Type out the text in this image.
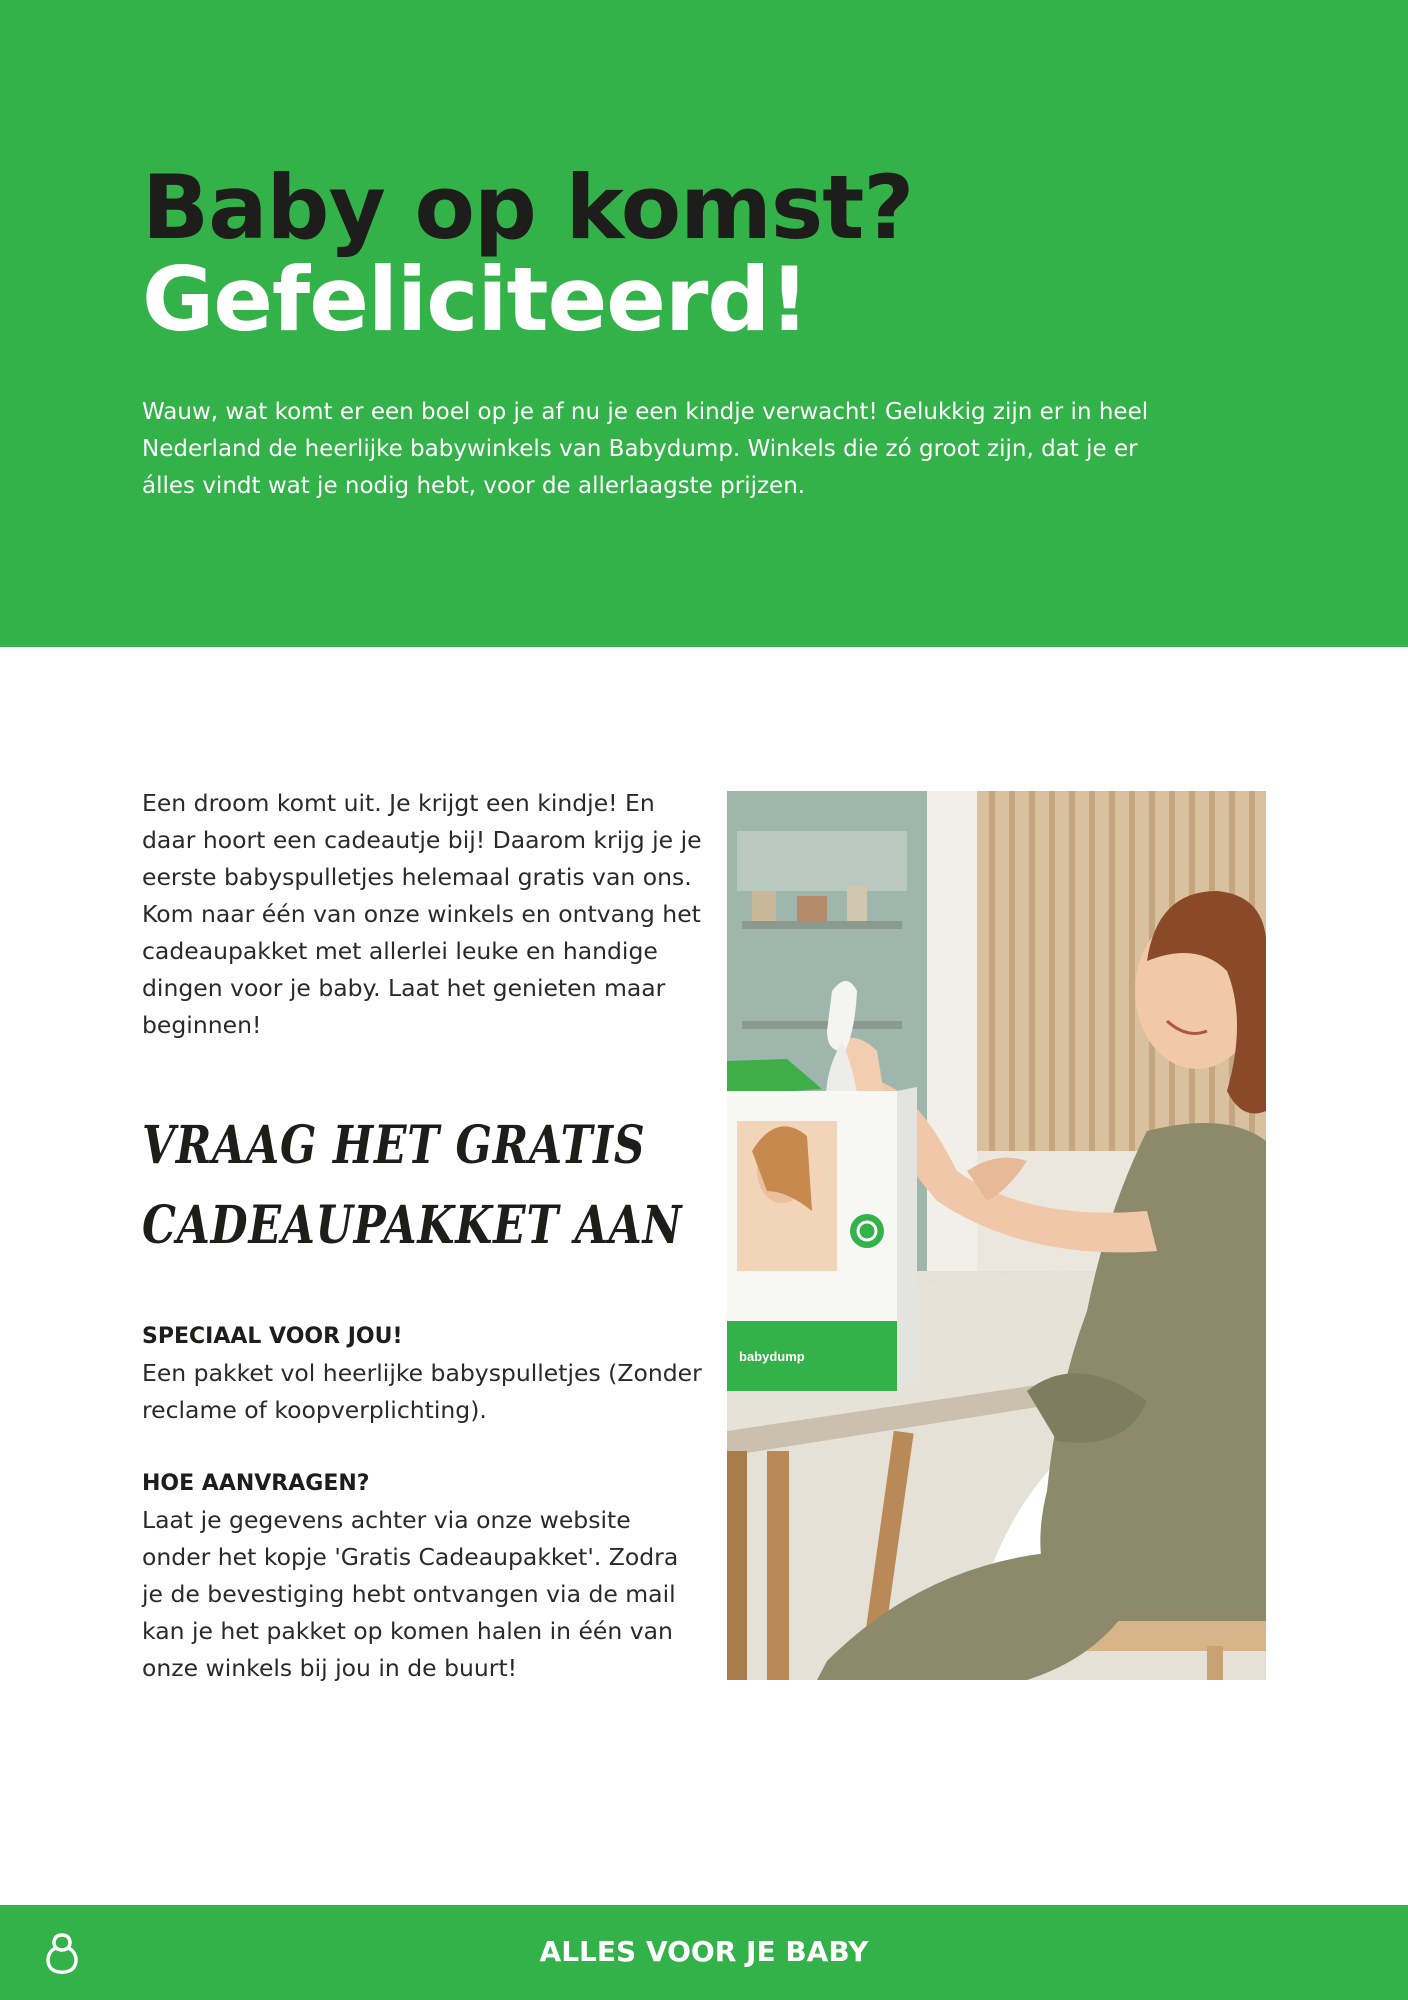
Baby op komst?
Gefeliciteerd!

Wauw, wat komt er een boel op je af nu je een kindje verwacht! Gelukkig zijn er in heel Nederland de heerlijke babywinkels van Babydump. Winkels die zó groot zijn, dat je er álles vindt wat je nodig hebt, voor de allerlaagste prijzen.

Een droom komt uit. Je krijgt een kindje! En daar hoort een cadeautje bij! Daarom krijg je je eerste babyspulletjes helemaal gratis van ons. Kom naar één van onze winkels en ontvang het cadeaupakket met allerlei leuke en handige dingen voor je baby. Laat het genieten maar beginnen!

VRAAG HET GRATIS
CADEAUPAKKET AAN
SPECIAAL VOOR JOU!

Een pakket vol heerlijke babyspulletjes (Zonder reclame of koopverplichting).

HOE AANVRAGEN?

Laat je gegevens achter via onze website onder het kopje 'Gratis Cadeaupakket'. Zodra je de bevestiging hebt ontvangen via de mail kan je het pakket op komen halen in één van onze winkels bij jou in de buurt!

babydump
ALLES VOOR JE BABY
